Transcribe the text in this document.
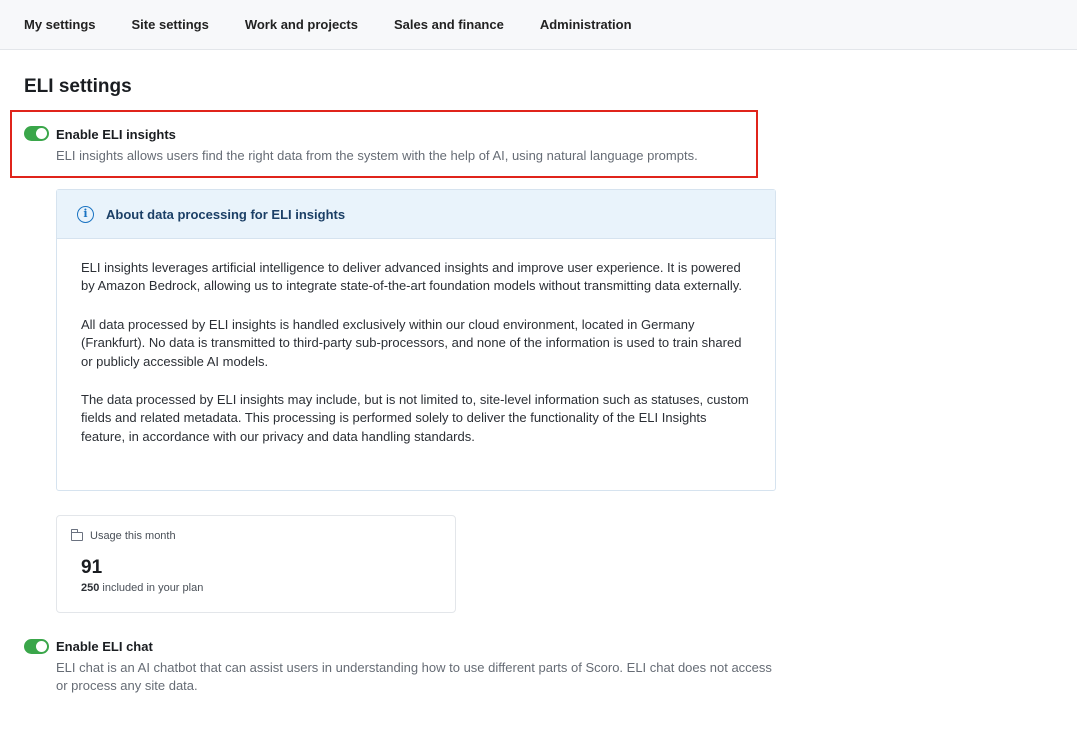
My settings	Site settings	Work and projects	Sales and finance	Administration
ELI settings
Enable ELI insights
ELI insights allows users find the right data from the system with the help of AI, using natural language prompts.
i	About data processing for ELI insights

ELI insights leverages artificial intelligence to deliver advanced insights and improve user experience. It is powered by Amazon Bedrock, allowing us to integrate state-of-the-art foundation models without transmitting data externally.

All data processed by ELI insights is handled exclusively within our cloud environment, located in Germany (Frankfurt). No data is transmitted to third-party sub-processors, and none of the information is used to train shared or publicly accessible AI models.

The data processed by ELI insights may include, but is not limited to, site-level information such as statuses, custom fields and related metadata. This processing is performed solely to deliver the functionality of the ELI Insights feature, in accordance with our privacy and data handling standards.

Usage this month
91
250 included in your plan
Enable ELI chat
ELI chat is an AI chatbot that can assist users in understanding how to use different parts of Scoro. ELI chat does not access or process any site data.
